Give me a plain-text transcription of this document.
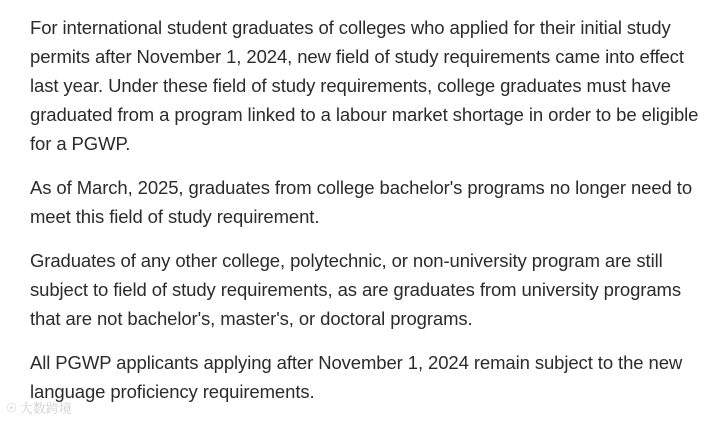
For international student graduates of colleges who applied for their initial study permits after November 1, 2024, new field of study requirements came into effect last year. Under these field of study requirements, college graduates must have graduated from a program linked to a labour market shortage in order to be eligible for a PGWP.

As of March, 2025, graduates from college bachelor's programs no longer need to meet this field of study requirement.

Graduates of any other college, polytechnic, or non-university program are still subject to field of study requirements, as are graduates from university programs that are not bachelor's, master's, or doctoral programs.

All PGWP applicants applying after November 1, 2024 remain subject to the new language proficiency requirements.

☉ 大数跨境
